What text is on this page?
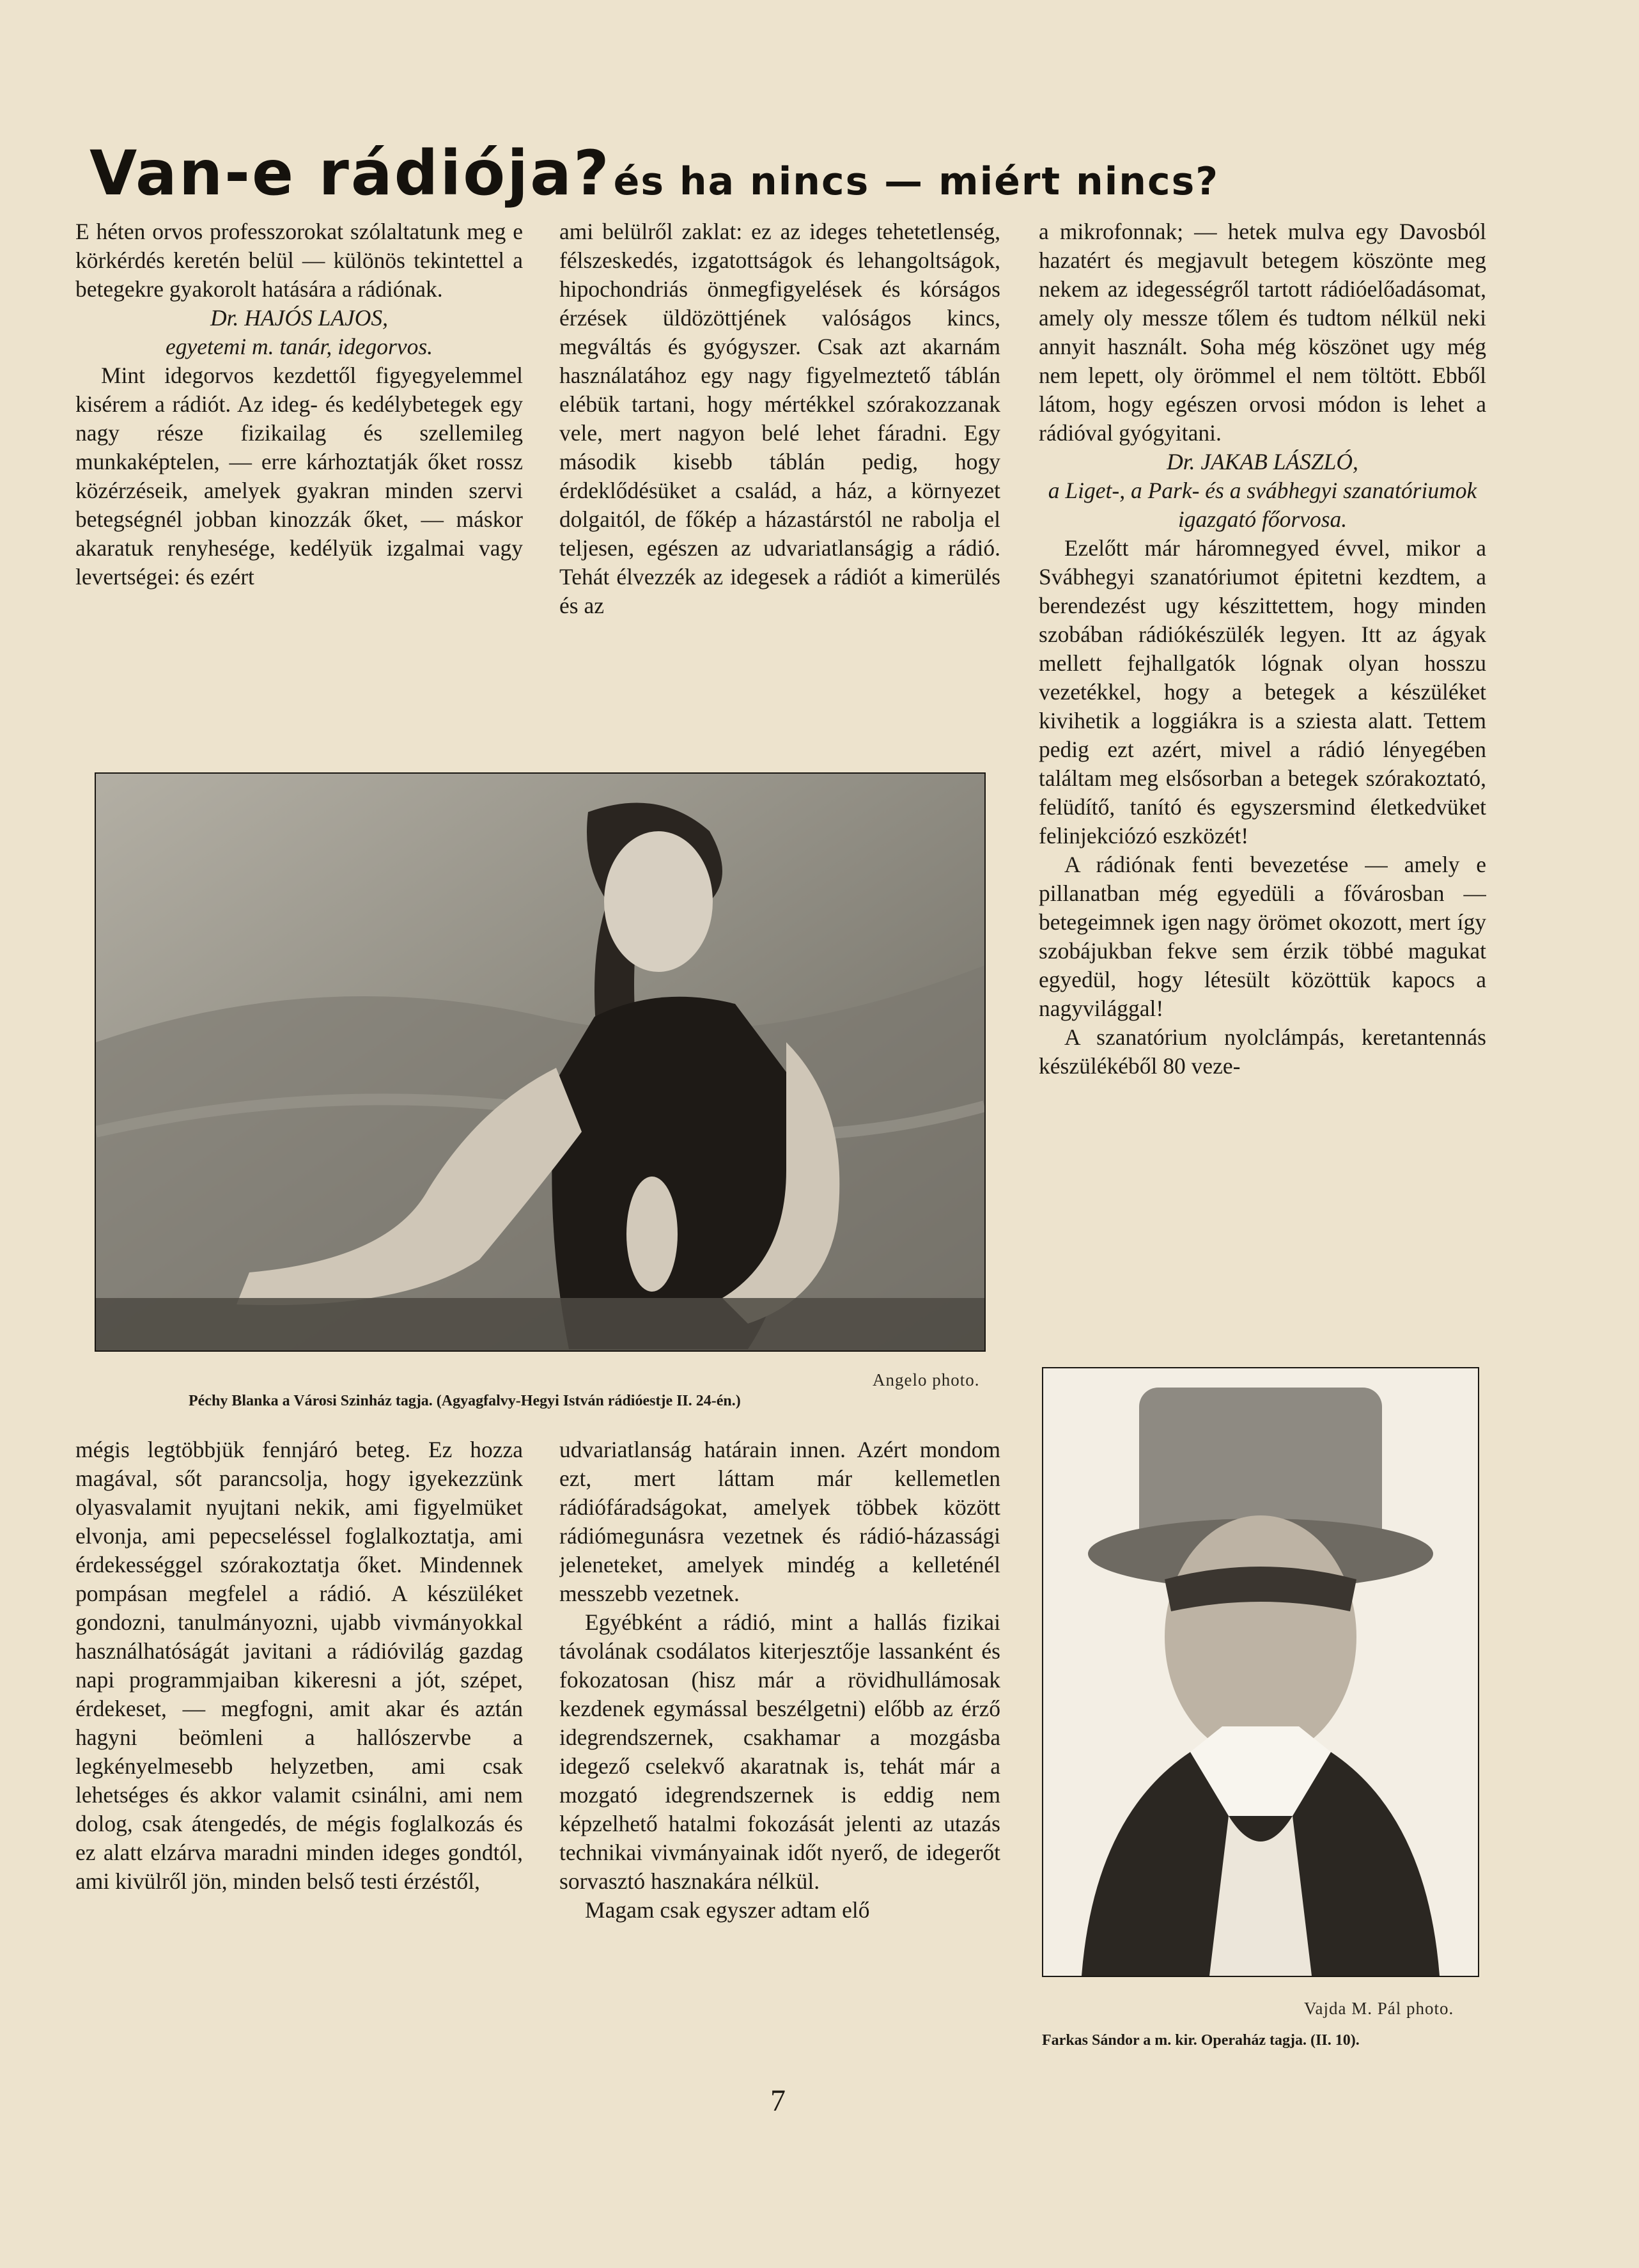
Van-e rádiója? és ha nincs — miért nincs?

E héten orvos professzorokat szólaltatunk meg e körkérdés keretén belül — különös tekintettel a betegekre gyakorolt hatására a rádiónak.

Dr. HAJÓS LAJOS,

egyetemi m. tanár, idegorvos.

Mint idegorvos kezdettől figyegyelemmel kisérem a rádiót. Az ideg- és kedélybetegek egy nagy része fizikailag és szellemileg munkaképtelen, — erre kárhoztatják őket rossz közérzéseik, amelyek gyakran minden szervi betegségnél jobban kinozzák őket, — máskor akaratuk renyhesége, kedélyük izgalmai vagy levertségei: és ezért

ami belülről zaklat: ez az ideges tehetetlenség, félszeskedés, izgatottságok és lehangoltságok, hipochondriás önmegfigyelések és kórságos érzések üldözöttjének valóságos kincs, megváltás és gyógyszer. Csak azt akarnám használatához egy nagy figyelmeztető táblán elébük tartani, hogy mértékkel szórakozzanak vele, mert nagyon belé lehet fáradni. Egy második kisebb táblán pedig, hogy érdeklődésüket a család, a ház, a környezet dolgaitól, de főkép a házastárstól ne rabolja el teljesen, egészen az udvariatlanságig a rádió. Tehát élvezzék az idegesek a rádiót a kimerülés és az

a mikrofonnak; — hetek mulva egy Davosból hazatért és megjavult betegem köszönte meg nekem az idegességről tartott rádióelőadásomat, amely oly messze tőlem és tudtom nélkül neki annyit használt. Soha még köszönet ugy még nem lepett, oly örömmel el nem töltött. Ebből látom, hogy egészen orvosi módon is lehet a rádióval gyógyitani.

Dr. JAKAB LÁSZLÓ,

a Liget-, a Park- és a svábhegyi szanatóriumok igazgató főorvosa.

Ezelőtt már háromnegyed évvel, mikor a Svábhegyi szanatóriumot épitetni kezdtem, a berendezést ugy készittettem, hogy minden szobában rádiókészülék legyen. Itt az ágyak mellett fejhallgatók lógnak olyan hosszu vezetékkel, hogy a betegek a készüléket kivihetik a loggiákra is a sziesta alatt. Tettem pedig ezt azért, mivel a rádió lényegében találtam meg elsősorban a betegek szórakoztató, felüdítő, tanító és egyszersmind életkedvüket felinjekciózó eszközét!

A rádiónak fenti bevezetése — amely e pillanatban még egyedüli a fővárosban — betegeimnek igen nagy örömet okozott, mert így szobájukban fekve sem érzik többé magukat egyedül, hogy létesült közöttük kapocs a nagyvilággal!

A szanatórium nyolclámpás, keretantennás készülékéből 80 veze-

Angelo photo.
Péchy Blanka a Városi Szinház tagja. (Agyagfalvy-Hegyi István rádióestje II. 24-én.)

mégis legtöbbjük fennjáró beteg. Ez hozza magával, sőt parancsolja, hogy igyekezzünk olyasvalamit nyujtani nekik, ami figyelmüket elvonja, ami pepecseléssel foglalkoztatja, ami érdekességgel szórakoztatja őket. Mindennek pompásan megfelel a rádió. A készüléket gondozni, tanulmányozni, ujabb vivmányokkal használhatóságát javitani a rádióvilág gazdag napi programmjaiban kikeresni a jót, szépet, érdekeset, — megfogni, amit akar és aztán hagyni beömleni a hallószervbe a legkényelmesebb helyzetben, ami csak lehetséges és akkor valamit csinálni, ami nem dolog, csak átengedés, de mégis foglalkozás és ez alatt elzárva maradni minden ideges gondtól, ami kivülről jön, minden belső testi érzéstől,

udvariatlanság határain innen. Azért mondom ezt, mert láttam már kellemetlen rádiófáradságokat, amelyek többek között rádiómegunásra vezetnek és rádió-házassági jeleneteket, amelyek mindég a kelleténél messzebb vezetnek.

Egyébként a rádió, mint a hallás fizikai távolának csodálatos kiterjesztője lassanként és fokozatosan (hisz már a rövidhullámosak kezdenek egymással beszélgetni) előbb az érző idegrendszernek, csakhamar a mozgásba idegező cselekvő akaratnak is, tehát már a mozgató idegrendszernek is eddig nem képzelhető hatalmi fokozását jelenti az utazás technikai vivmányainak időt nyerő, de idegerőt sorvasztó hasznakára nélkül.

Magam csak egyszer adtam elő

Vajda M. Pál photo.
Farkas Sándor a m. kir. Operaház tagja. (II. 10).
7
